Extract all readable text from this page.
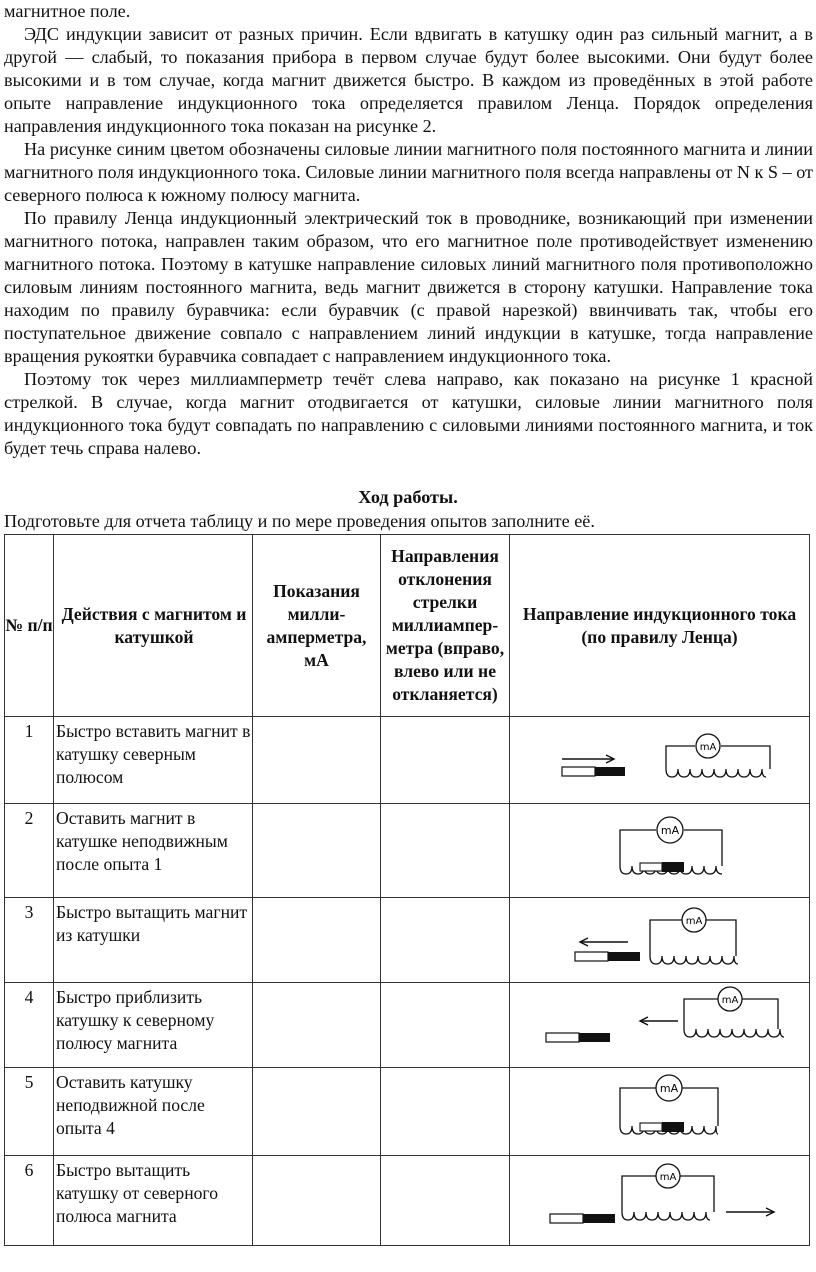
магнитное поле.

ЭДС индукции зависит от разных причин. Если вдвигать в катушку один раз сильный магнит, а в другой — слабый, то показания прибора в первом случае будут более высокими. Они будут более высокими и в том случае, когда магнит движется быстро. В каждом из проведённых в этой работе опыте направление индукционного тока определяется правилом Ленца. Порядок определения направления индукционного тока показан на рисунке 2.

На рисунке синим цветом обозначены силовые линии магнитного поля постоянного магнита и линии магнитного поля индукционного тока. Силовые линии магнитного поля всегда направлены от N к S – от северного полюса к южному полюсу магнита.

По правилу Ленца индукционный электрический ток в проводнике, возникающий при изменении магнитного потока, направлен таким образом, что его магнитное поле противодействует изменению магнитного потока. Поэтому в катушке направление силовых линий магнитного поля противоположно силовым линиям постоянного магнита, ведь магнит движется в сторону катушки. Направление тока находим по правилу буравчика: если буравчик (с правой нарезкой) ввинчивать так, чтобы его поступательное движение совпало с направлением линий индукции в катушке, тогда направление вращения рукоятки буравчика совпадает с направлением индукционного тока.

Поэтому ток через миллиамперметр течёт слева направо, как показано на рисунке 1 красной стрелкой. В случае, когда магнит отодвигается от катушки, силовые линии магнитного поля индукционного тока будут совпадать по направлению с силовыми линиями постоянного магнита, и ток будет течь справа налево.

Ход работы.
Подготовьте для отчета таблицу и по мере проведения опытов заполните её.
№ п/п	Действия с магнитом и катушкой	Показания милли-амперметра, мА	Направления отклонения стрелки миллиампер-метра (вправо, влево или не откланяется)	Направление индукционного тока (по правилу Ленца)
1	Быстро вставить магнит в катушку северным полюсом			mA

2	Оставить магнит в катушке неподвижным после опыта 1			mA

3	Быстро вытащить магнит из катушки			mA

4	Быстро приблизить катушку к северному полюсу магнита			mA

5	Оставить катушку неподвижной после опыта 4			mA

6	Быстро вытащить катушку от северного полюса магнита			mA
